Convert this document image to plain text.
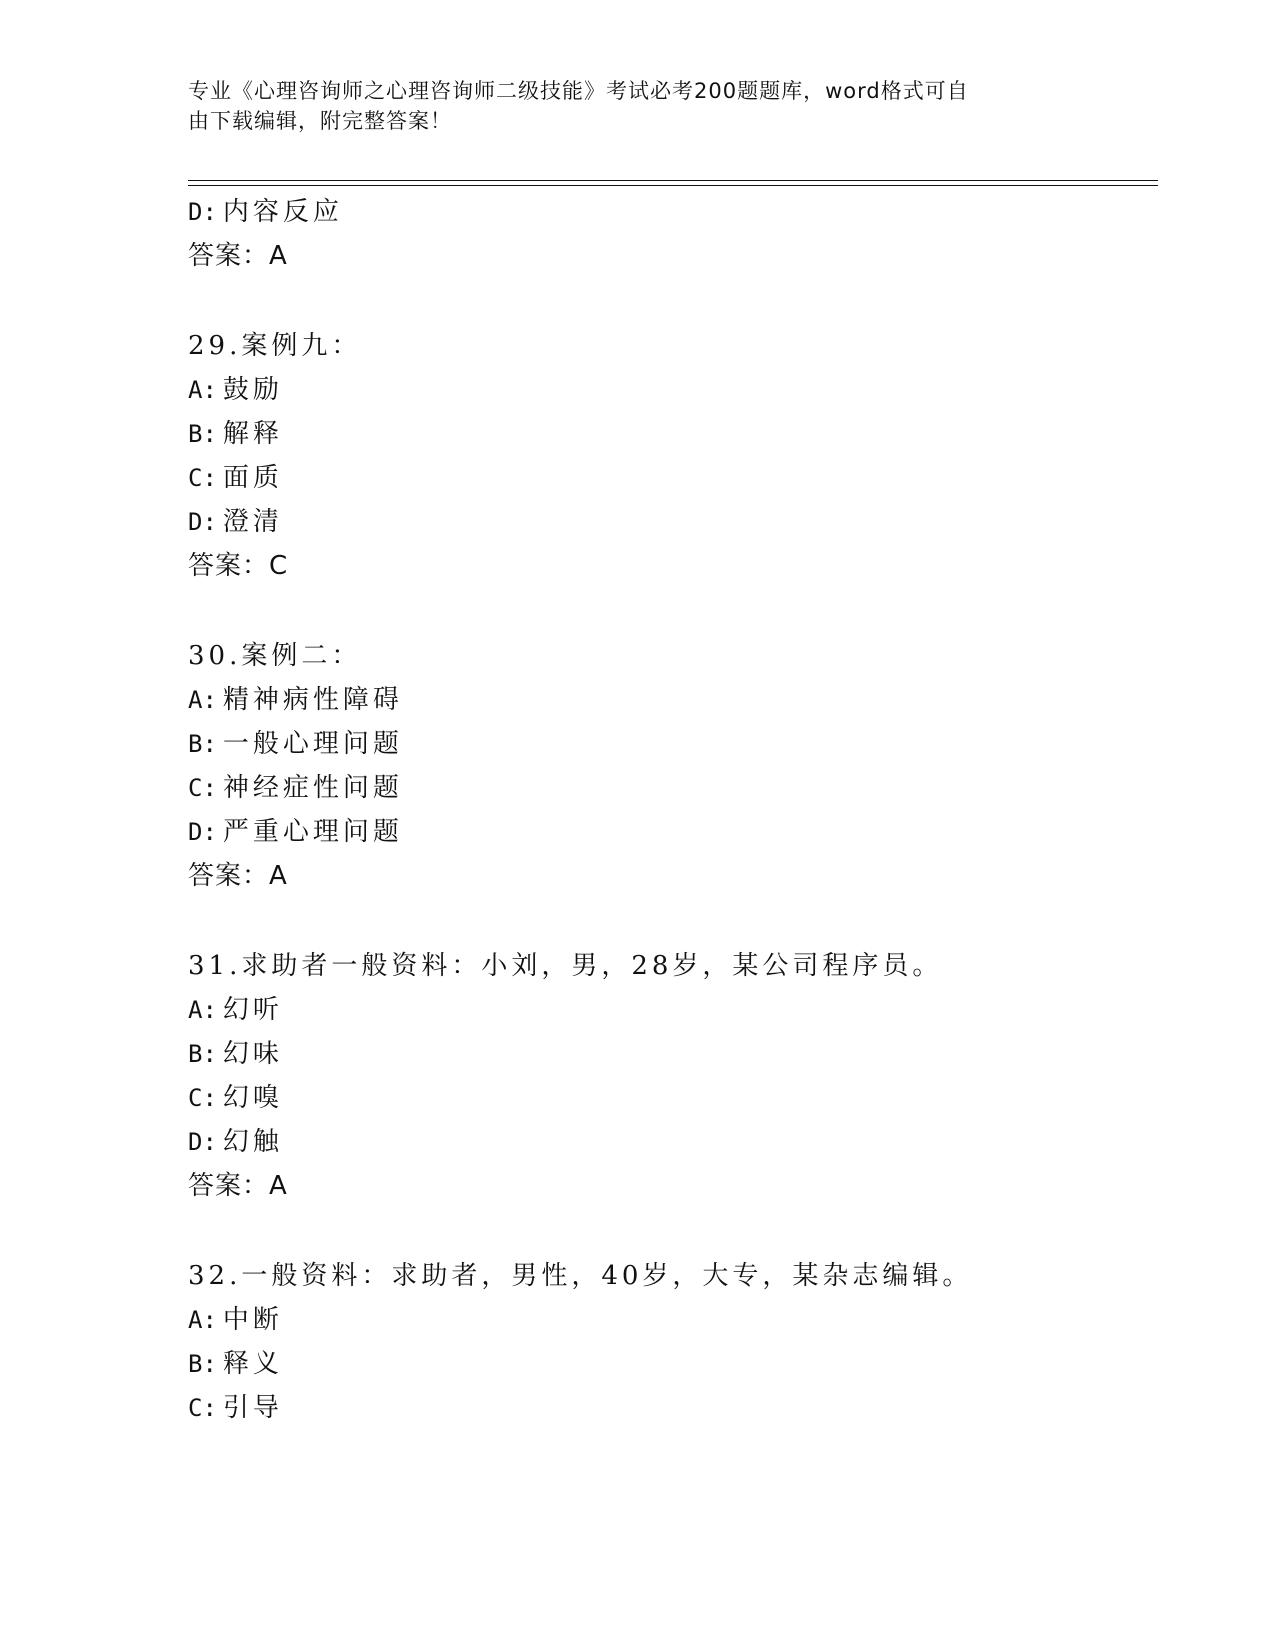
专业《心理咨询师之心理咨询师二级技能》考试必考200题题库，word格式可自
由下载编辑，附完整答案！
D: 内容反应
答案：A
29.案例九：
A: 鼓励
B: 解释
C: 面质
D: 澄清
答案：C
30.案例二：
A: 精神病性障碍
B: 一般心理问题
C: 神经症性问题
D: 严重心理问题
答案：A
31.求助者一般资料：小刘，男，28岁，某公司程序员。
A: 幻听
B: 幻味
C: 幻嗅
D: 幻触
答案：A
32.一般资料：求助者，男性，40岁，大专，某杂志编辑。
A: 中断
B: 释义
C: 引导
